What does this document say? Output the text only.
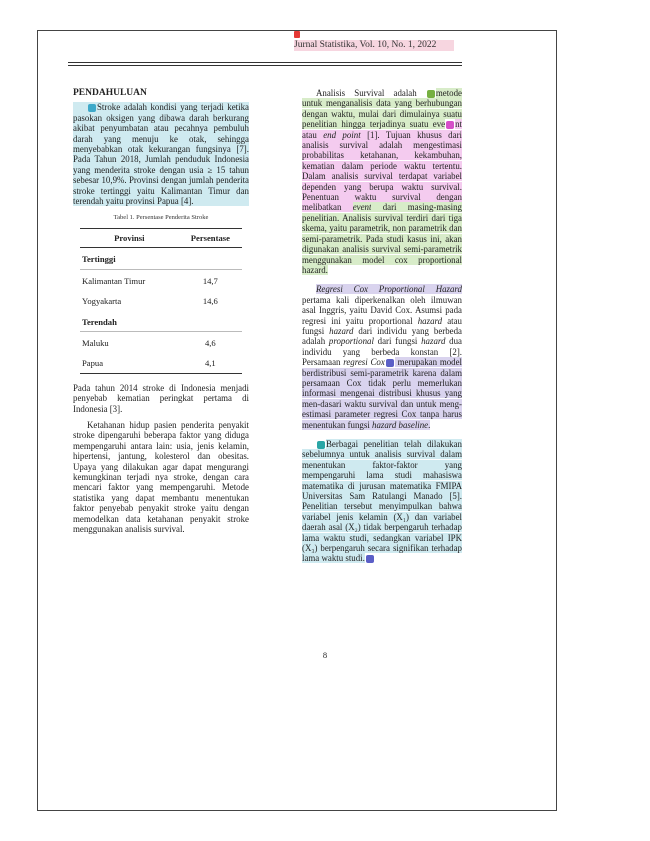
Jurnal Statistika, Vol. 10, No. 1, 2022

PENDAHULUAN

Stroke adalah kondisi yang terjadi ketika pasokan oksigen yang dibawa darah berkurang akibat penyumbatan atau pecahnya pembuluh darah yang menuju ke otak, sehingga menyebabkan otak kekurangan fungsinya [7]. Pada Tahun 2018, Jumlah penduduk Indonesia yang menderita stroke dengan usia ≥ 15 tahun sebesar 10,9%. Provinsi dengan jumlah penderita stroke tertinggi yaitu Kalimantan Timur dan terendah yaitu provinsi Papua [4].

Tabel 1. Persentase Penderita Stroke
Provinsi	Persentase
Tertinggi	
Kalimantan Timur	14,7
Yogyakarta	14,6
Terendah	
Maluku	4,6
Papua	4,1

Pada tahun 2014 stroke di Indonesia menjadi penyebab kematian peringkat pertama di Indonesia [3].

Ketahanan hidup pasien penderita penyakit stroke dipengaruhi beberapa faktor yang diduga mempengaruhi antara lain: usia, jenis kelamin, hipertensi, jantung, kolesterol dan obesitas. Upaya yang dilakukan agar dapat mengurangi kemungkinan terjadi nya stroke, dengan cara mencari faktor yang mempengaruhi. Metode statistika yang dapat membantu menentukan faktor penyebab penyakit stroke yaitu dengan memodelkan data ketahanan penyakit stroke menggunakan analisis survival.

Analisis Survival adalah metode untuk menganalisis data yang berhubungan dengan waktu, mulai dari dimulainya suatu penelitian hingga terjadinya suatu eve nt atau end point [1]. Tujuan khusus dari analisis survival adalah mengestimasi probabilitas ketahanan, kekambuhan, kematian dalam periode waktu tertentu. Dalam analisis survival terdapat variabel dependen yang berupa waktu survival. Penentuan waktu survival dengan melibatkan event dari masing-masing penelitian. Analisis survival terdiri dari tiga skema, yaitu parametrik, non parametrik dan semi-parametrik. Pada studi kasus ini, akan digunakan analisis survival semi-parametrik menggunakan model cox proportional hazard.

Regresi Cox Proportional Hazard pertama kali diperkenalkan oleh ilmuwan asal Inggris, yaitu David Cox. Asumsi pada regresi ini yaitu proportional hazard atau fungsi hazard dari individu yang berbeda adalah proportional dari fungsi hazard dua individu yang berbeda konstan [2]. Persamaan regresi Cox merupakan model berdistribusi semi-parametrik karena dalam persamaan Cox tidak perlu memerlukan informasi mengenai distribusi khusus yang men-dasari waktu survival dan untuk meng-estimasi parameter regresi Cox tanpa harus menentukan fungsi hazard baseline.

Berbagai penelitian telah dilakukan sebelumnya untuk analisis survival dalam menentukan faktor-faktor yang mempengaruhi lama studi mahasiswa matematika di jurusan matematika FMIPA Universitas Sam Ratulangi Manado [5]. Penelitian tersebut menyimpulkan bahwa variabel jenis kelamin (X₁) dan variabel daerah asal (X₂) tidak berpengaruh terhadap lama waktu studi, sedangkan variabel IPK (X₃) berpengaruh secara signifikan terhadap lama waktu studi.

8
